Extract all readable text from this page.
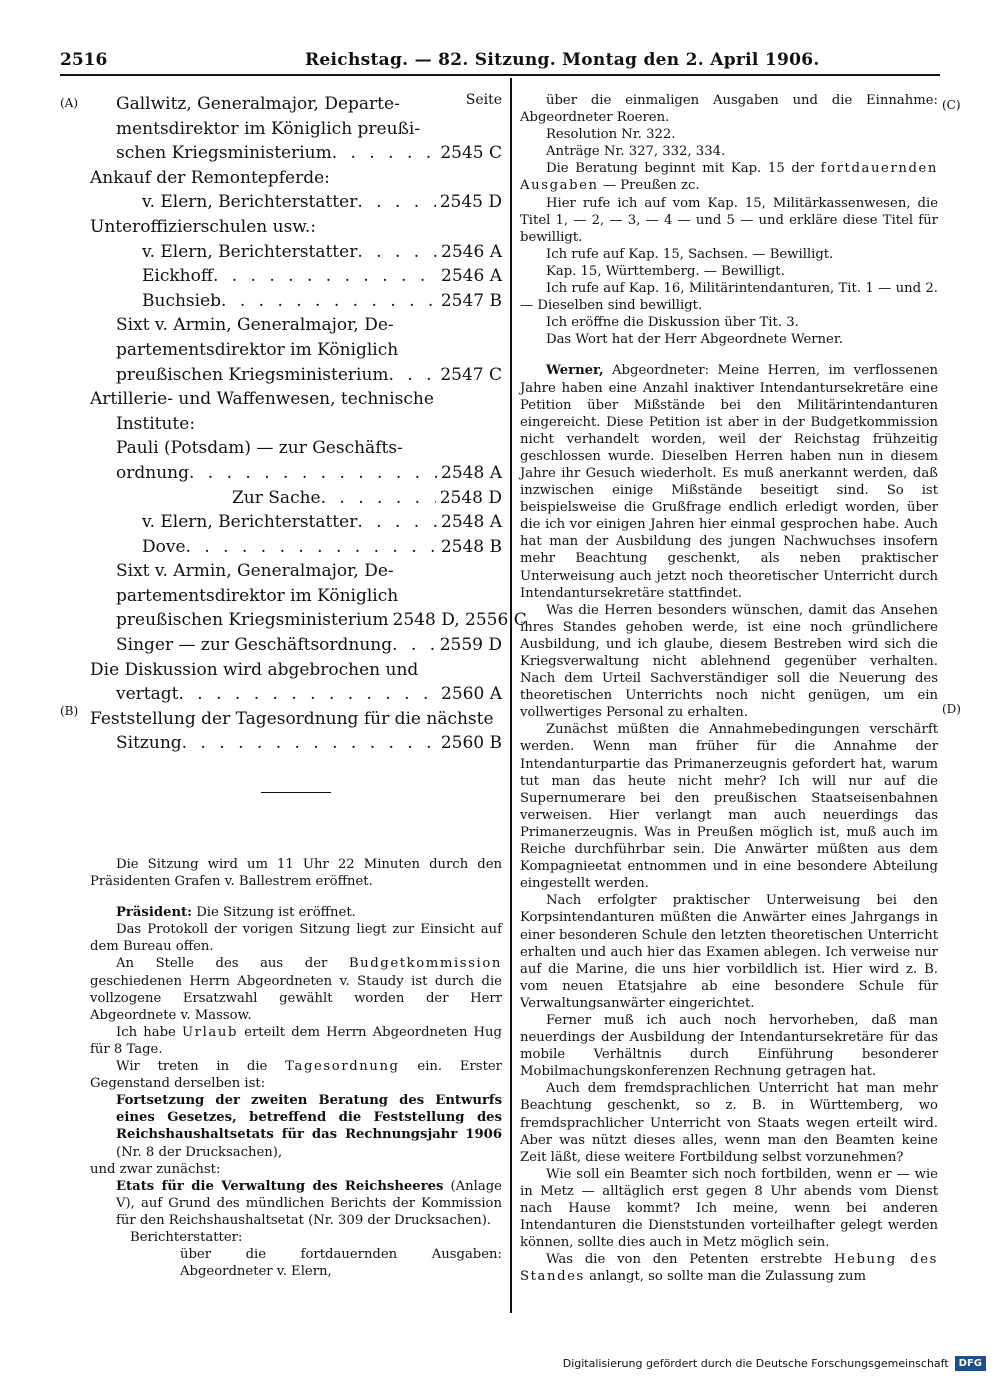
2516	Reichstag. — 82. Sitzung. Montag den 2. April 1906.
(A)
(B)
(C)
(D)
Seite
Gallwitz, Generalmajor, Departe-
mentsdirektor im Königlich preußi-
schen Kriegsministerium . . .	2545 C
Ankauf der Remontepferde:
v. Elern, Berichterstatter . . .	2545 D
Unteroffizierschulen usw.:
v. Elern, Berichterstatter . . .	2546 A
Eickhoff . . .	2546 A
Buchsieb . . .	2547 B
Sixt v. Armin, Generalmajor, De-
partementsdirektor im Königlich
preußischen Kriegsministerium . . .	2547 C
Artillerie- und Waffenwesen, technische
Institute:
Pauli (Potsdam) — zur Geschäfts-
ordnung . . .	2548 A
Zur Sache . . .	2548 D
v. Elern, Berichterstatter . . .	2548 A
Dove . . .	2548 B
Sixt v. Armin, Generalmajor, De-
partementsdirektor im Königlich
preußischen Kriegsministerium 2548 D, 2556 C
Singer — zur Geschäftsordnung . . .	2559 D
Die Diskussion wird abgebrochen und
vertagt . . .	2560 A
Feststellung der Tagesordnung für die nächste
Sitzung . . .	2560 B

Die Sitzung wird um 11 Uhr 22 Minuten durch den Präsidenten Grafen v. Ballestrem eröffnet.

Präsident: Die Sitzung ist eröffnet.

Das Protokoll der vorigen Sitzung liegt zur Einsicht auf dem Bureau offen.

An Stelle des aus der Budgetkommission geschiedenen Herrn Abgeordneten v. Staudy ist durch die vollzogene Ersatzwahl gewählt worden der Herr Abgeordnete v. Massow.

Ich habe Urlaub erteilt dem Herrn Abgeordneten Hug für 8 Tage.

Wir treten in die Tagesordnung ein. Erster Gegenstand derselben ist:

Fortsetzung der zweiten Beratung des Entwurfs eines Gesetzes, betreffend die Feststellung des Reichshaushaltsetats für das Rechnungsjahr 1906 (Nr. 8 der Drucksachen),

und zwar zunächst:

Etats für die Verwaltung des Reichsheeres (Anlage V), auf Grund des mündlichen Berichts der Kommission für den Reichshaushaltsetat (Nr. 309 der Drucksachen).

Berichterstatter:

über die fortdauernden Ausgaben: Abgeordneter v. Elern,

über die einmaligen Ausgaben und die Einnahme: Abgeordneter Roeren.

Resolution Nr. 322.

Anträge Nr. 327, 332, 334.

Die Beratung beginnt mit Kap. 15 der fortdauernden Ausgaben — Preußen zc.

Hier rufe ich auf vom Kap. 15, Militärkassenwesen, die Titel 1, — 2, — 3, — 4 — und 5 — und erkläre diese Titel für bewilligt.

Ich rufe auf Kap. 15, Sachsen. — Bewilligt.

Kap. 15, Württemberg. — Bewilligt.

Ich rufe auf Kap. 16, Militärintendanturen, Tit. 1 — und 2. — Dieselben sind bewilligt.

Ich eröffne die Diskussion über Tit. 3.

Das Wort hat der Herr Abgeordnete Werner.

Werner, Abgeordneter: Meine Herren, im verflossenen Jahre haben eine Anzahl inaktiver Intendantursekretäre eine Petition über Mißstände bei den Militärintendanturen eingereicht. Diese Petition ist aber in der Budgetkommission nicht verhandelt worden, weil der Reichstag frühzeitig geschlossen wurde. Dieselben Herren haben nun in diesem Jahre ihr Gesuch wiederholt. Es muß anerkannt werden, daß inzwischen einige Mißstände beseitigt sind. So ist beispielsweise die Grußfrage endlich erledigt worden, über die ich vor einigen Jahren hier einmal gesprochen habe. Auch hat man der Ausbildung des jungen Nachwuchses insofern mehr Beachtung geschenkt, als neben praktischer Unterweisung auch jetzt noch theoretischer Unterricht durch Intendantursekretäre stattfindet.

Was die Herren besonders wünschen, damit das Ansehen ihres Standes gehoben werde, ist eine noch gründlichere Ausbildung, und ich glaube, diesem Bestreben wird sich die Kriegsverwaltung nicht ablehnend gegenüber verhalten. Nach dem Urteil Sachverständiger soll die Neuerung des theoretischen Unterrichts noch nicht genügen, um ein vollwertiges Personal zu erhalten.

Zunächst müßten die Annahmebedingungen verschärft werden. Wenn man früher für die Annahme der Intendanturpartie das Primanerzeugnis gefordert hat, warum tut man das heute nicht mehr? Ich will nur auf die Supernumerare bei den preußischen Staatseisenbahnen verweisen. Hier verlangt man auch neuerdings das Primanerzeugnis. Was in Preußen möglich ist, muß auch im Reiche durchführbar sein. Die Anwärter müßten aus dem Kompagnieetat entnommen und in eine besondere Abteilung eingestellt werden.

Nach erfolgter praktischer Unterweisung bei den Korpsintendanturen müßten die Anwärter eines Jahrgangs in einer besonderen Schule den letzten theoretischen Unterricht erhalten und auch hier das Examen ablegen. Ich verweise nur auf die Marine, die uns hier vorbildlich ist. Hier wird z. B. vom neuen Etatsjahre ab eine besondere Schule für Verwaltungsanwärter eingerichtet.

Ferner muß ich auch noch hervorheben, daß man neuerdings der Ausbildung der Intendantursekretäre für das mobile Verhältnis durch Einführung besonderer Mobilmachungskonferenzen Rechnung getragen hat.

Auch dem fremdsprachlichen Unterricht hat man mehr Beachtung geschenkt, so z. B. in Württemberg, wo fremdsprachlicher Unterricht von Staats wegen erteilt wird. Aber was nützt dieses alles, wenn man den Beamten keine Zeit läßt, diese weitere Fortbildung selbst vorzunehmen?

Wie soll ein Beamter sich noch fortbilden, wenn er — wie in Metz — alltäglich erst gegen 8 Uhr abends vom Dienst nach Hause kommt? Ich meine, wenn bei anderen Intendanturen die Dienststunden vorteilhafter gelegt werden können, sollte dies auch in Metz möglich sein.

Was die von den Petenten erstrebte Hebung des Standes anlangt, so sollte man die Zulassung zum

Digitalisierung gefördert durch die Deutsche Forschungsgemeinschaft	DFG
